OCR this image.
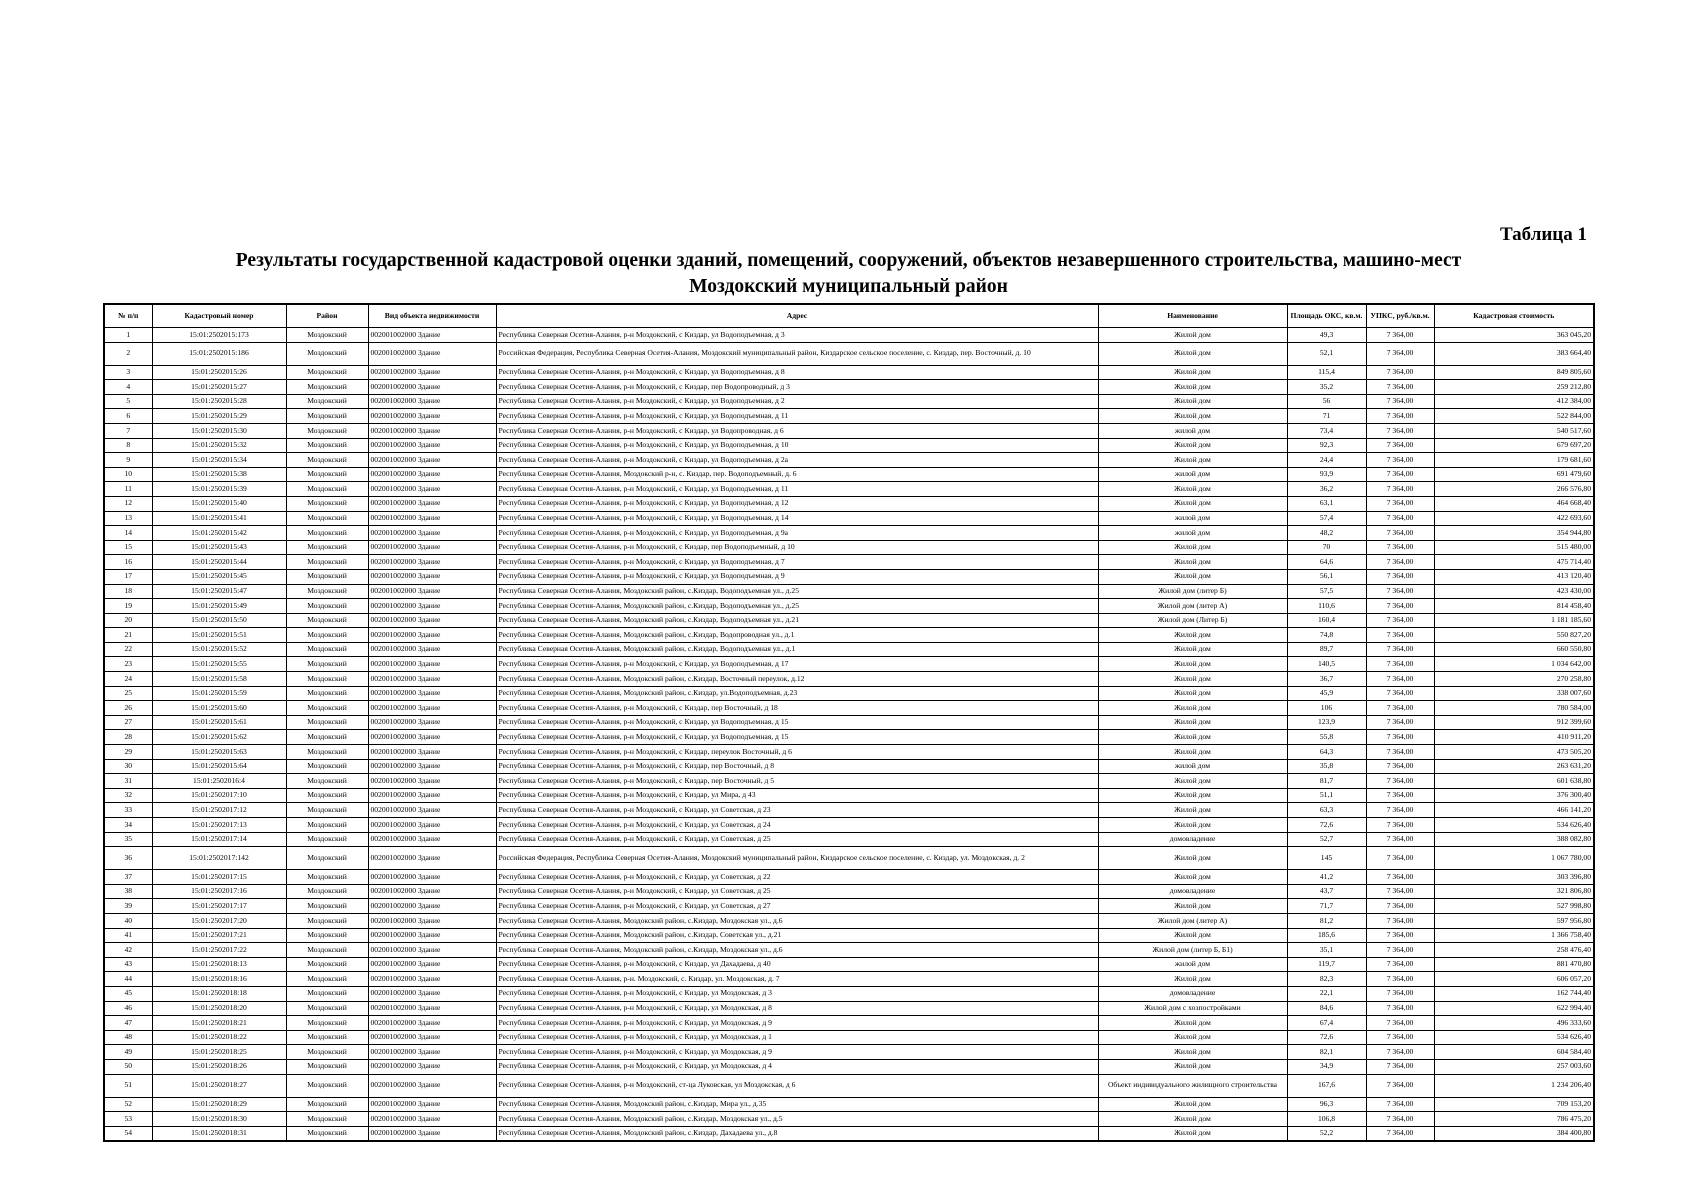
Таблица 1
Результаты государственной кадастровой оценки зданий, помещений, сооружений, объектов незавершенного строительства, машино-мест
Моздокский муниципальный район
№ п/п	Кадастровый номер	Район	Вид объекта недвижимости	Адрес	Наименование	Площадь ОКС, кв.м.	УПКС, руб./кв.м.	Кадастровая стоимость
1	15:01:2502015:173	Моздокский	002001002000 Здание	Республика Северная Осетия-Алания, р-н Моздокский, с Киздар, ул Водоподъемная, д 3	Жилой дом	49,3	7 364,00	363 045,20
2	15:01:2502015:186	Моздокский	002001002000 Здание	Российская Федерация, Республика Северная Осетия-Алания, Моздокский муниципальный район, Киздарское сельское поселение, с. Киздар, пер. Восточный, д. 10	Жилой дом	52,1	7 364,00	383 664,40
3	15:01:2502015:26	Моздокский	002001002000 Здание	Республика Северная Осетия-Алания, р-н Моздокский, с Киздар, ул Водоподъемная, д 8	Жилой дом	115,4	7 364,00	849 805,60
4	15:01:2502015:27	Моздокский	002001002000 Здание	Республика Северная Осетия-Алания, р-н Моздокский, с Киздар, пер Водопроводный, д 3	Жилой дом	35,2	7 364,00	259 212,80
5	15:01:2502015:28	Моздокский	002001002000 Здание	Республика Северная Осетия-Алания, р-н Моздокский, с Киздар, ул Водоподъемная, д 2	Жилой дом	56	7 364,00	412 384,00
6	15:01:2502015:29	Моздокский	002001002000 Здание	Республика Северная Осетия-Алания, р-н Моздокский, с Киздар, ул Водоподъемная, д 11	Жилой дом	71	7 364,00	522 844,00
7	15:01:2502015:30	Моздокский	002001002000 Здание	Республика Северная Осетия-Алания, р-н Моздокский, с Киздар, ул Водопроводная, д 6	жилой дом	73,4	7 364,00	540 517,60
8	15:01:2502015:32	Моздокский	002001002000 Здание	Республика Северная Осетия-Алания, р-н Моздокский, с Киздар, ул Водоподъемная, д 10	Жилой дом	92,3	7 364,00	679 697,20
9	15:01:2502015:34	Моздокский	002001002000 Здание	Республика Северная Осетия-Алания, р-н Моздокский, с Киздар, ул Водоподъемная, д 2а	Жилой дом	24,4	7 364,00	179 681,60
10	15:01:2502015:38	Моздокский	002001002000 Здание	Республика Северная Осетия-Алания, Моздокский р-н, с. Киздар, пер. Водоподъемный, д. 6	жилой дом	93,9	7 364,00	691 479,60
11	15:01:2502015:39	Моздокский	002001002000 Здание	Республика Северная Осетия-Алания, р-н Моздокский, с Киздар, ул Водоподъемная, д 11	Жилой дом	36,2	7 364,00	266 576,80
12	15:01:2502015:40	Моздокский	002001002000 Здание	Республика Северная Осетия-Алания, р-н Моздокский, с Киздар, ул Водоподъемная, д 12	Жилой дом	63,1	7 364,00	464 668,40
13	15:01:2502015:41	Моздокский	002001002000 Здание	Республика Северная Осетия-Алания, р-н Моздокский, с Киздар, ул Водоподъемная, д 14	жилой дом	57,4	7 364,00	422 693,60
14	15:01:2502015:42	Моздокский	002001002000 Здание	Республика Северная Осетия-Алания, р-н Моздокский, с Киздар, ул Водоподъемная, д 9а	жилой дом	48,2	7 364,00	354 944,80
15	15:01:2502015:43	Моздокский	002001002000 Здание	Республика Северная Осетия-Алания, р-н Моздокский, с Киздар, пер Водоподъемный, д 10	Жилой дом	70	7 364,00	515 480,00
16	15:01:2502015:44	Моздокский	002001002000 Здание	Республика Северная Осетия-Алания, р-н Моздокский, с Киздар, ул Водоподъемная, д 7	Жилой дом	64,6	7 364,00	475 714,40
17	15:01:2502015:45	Моздокский	002001002000 Здание	Республика Северная Осетия-Алания, р-н Моздокский, с Киздар, ул Водоподъемная, д 9	Жилой дом	56,1	7 364,00	413 120,40
18	15:01:2502015:47	Моздокский	002001002000 Здание	Республика Северная Осетия-Алания, Моздокский район, с.Киздар, Водоподъемная ул., д.25	Жилой дом (литер Б)	57,5	7 364,00	423 430,00
19	15:01:2502015:49	Моздокский	002001002000 Здание	Республика Северная Осетия-Алания, Моздокский район, с.Киздар, Водоподъемная ул., д.25	Жилой дом (литер А)	110,6	7 364,00	814 458,40
20	15:01:2502015:50	Моздокский	002001002000 Здание	Республика Северная Осетия-Алания, Моздокский район, с.Киздар, Водоподъемная ул., д.21	Жилой дом (Литер Б)	160,4	7 364,00	1 181 185,60
21	15:01:2502015:51	Моздокский	002001002000 Здание	Республика Северная Осетия-Алания, Моздокский район, с.Киздар, Водопроводная ул., д.1	Жилой дом	74,8	7 364,00	550 827,20
22	15:01:2502015:52	Моздокский	002001002000 Здание	Республика Северная Осетия-Алания, Моздокский район, с.Киздар, Водоподъемная ул., д.1	Жилой дом	89,7	7 364,00	660 550,80
23	15:01:2502015:55	Моздокский	002001002000 Здание	Республика Северная Осетия-Алания, р-н Моздокский, с Киздар, ул Водоподъемная, д 17	Жилой дом	140,5	7 364,00	1 034 642,00
24	15:01:2502015:58	Моздокский	002001002000 Здание	Республика Северная Осетия-Алания, Моздокский район, с.Киздар, Восточный переулок, д.12	Жилой дом	36,7	7 364,00	270 258,80
25	15:01:2502015:59	Моздокский	002001002000 Здание	Республика Северная Осетия-Алания, Моздокский район, с.Киздар, ул.Водоподъемная, д.23	Жилой дом	45,9	7 364,00	338 007,60
26	15:01:2502015:60	Моздокский	002001002000 Здание	Республика Северная Осетия-Алания, р-н Моздокский, с Киздар, пер Восточный, д 18	Жилой дом	106	7 364,00	780 584,00
27	15:01:2502015:61	Моздокский	002001002000 Здание	Республика Северная Осетия-Алания, р-н Моздокский, с Киздар, ул Водоподъемная, д 15	Жилой дом	123,9	7 364,00	912 399,60
28	15:01:2502015:62	Моздокский	002001002000 Здание	Республика Северная Осетия-Алания, р-н Моздокский, с Киздар, ул Водоподъемная, д 15	Жилой дом	55,8	7 364,00	410 911,20
29	15:01:2502015:63	Моздокский	002001002000 Здание	Республика Северная Осетия-Алания, р-н Моздокский, с Киздар, переулок Восточный, д 6	Жилой дом	64,3	7 364,00	473 505,20
30	15:01:2502015:64	Моздокский	002001002000 Здание	Республика Северная Осетия-Алания, р-н Моздокский, с Киздар, пер Восточный, д 8	жилой дом	35,8	7 364,00	263 631,20
31	15:01:2502016:4	Моздокский	002001002000 Здание	Республика Северная Осетия-Алания, р-н Моздокский, с Киздар, пер Восточный, д 5	Жилой дом	81,7	7 364,00	601 638,80
32	15:01:2502017:10	Моздокский	002001002000 Здание	Республика Северная Осетия-Алания, р-н Моздокский, с Киздар, ул Мира, д 43	Жилой дом	51,1	7 364,00	376 300,40
33	15:01:2502017:12	Моздокский	002001002000 Здание	Республика Северная Осетия-Алания, р-н Моздокский, с Киздар, ул Советская, д 23	Жилой дом	63,3	7 364,00	466 141,20
34	15:01:2502017:13	Моздокский	002001002000 Здание	Республика Северная Осетия-Алания, р-н Моздокский, с Киздар, ул Советская, д 24	Жилой дом	72,6	7 364,00	534 626,40
35	15:01:2502017:14	Моздокский	002001002000 Здание	Республика Северная Осетия-Алания, р-н Моздокский, с Киздар, ул Советская, д 25	домовладение	52,7	7 364,00	388 082,80
36	15:01:2502017:142	Моздокский	002001002000 Здание	Российская Федерация, Республика Северная Осетия-Алания, Моздокский муниципальный район, Киздарское сельское поселение, с. Киздар, ул. Моздокская, д. 2	Жилой дом	145	7 364,00	1 067 780,00
37	15:01:2502017:15	Моздокский	002001002000 Здание	Республика Северная Осетия-Алания, р-н Моздокский, с Киздар, ул Советская, д 22	Жилой дом	41,2	7 364,00	303 396,80
38	15:01:2502017:16	Моздокский	002001002000 Здание	Республика Северная Осетия-Алания, р-н Моздокский, с Киздар, ул Советская, д 25	домовладение	43,7	7 364,00	321 806,80
39	15:01:2502017:17	Моздокский	002001002000 Здание	Республика Северная Осетия-Алания, р-н Моздокский, с Киздар, ул Советская, д 27	Жилой дом	71,7	7 364,00	527 998,80
40	15:01:2502017:20	Моздокский	002001002000 Здание	Республика Северная Осетия-Алания, Моздокский район, с.Киздар, Моздокская ул., д.6	Жилой дом (литер А)	81,2	7 364,00	597 956,80
41	15:01:2502017:21	Моздокский	002001002000 Здание	Республика Северная Осетия-Алания, Моздокский район, с.Киздар, Советская ул., д.21	Жилой дом	185,6	7 364,00	1 366 758,40
42	15:01:2502017:22	Моздокский	002001002000 Здание	Республика Северная Осетия-Алания, Моздокский район, с.Киздар, Моздокская ул., д.6	Жилой дом (литер Б, Б1)	35,1	7 364,00	258 476,40
43	15:01:2502018:13	Моздокский	002001002000 Здание	Республика Северная Осетия-Алания, р-н Моздокский, с Киздар, ул Дахадаева, д 40	жилой дом	119,7	7 364,00	881 470,80
44	15:01:2502018:16	Моздокский	002001002000 Здание	Республика Северная Осетия-Алания, р-н. Моздокский, с. Киздар, ул. Моздокская, д. 7	Жилой дом	82,3	7 364,00	606 057,20
45	15:01:2502018:18	Моздокский	002001002000 Здание	Республика Северная Осетия-Алания, р-н Моздокский, с Киздар, ул Моздокская, д 3	домовладение	22,1	7 364,00	162 744,40
46	15:01:2502018:20	Моздокский	002001002000 Здание	Республика Северная Осетия-Алания, р-н Моздокский, с Киздар, ул Моздокская, д 8	Жилой дом с хозпостройками	84,6	7 364,00	622 994,40
47	15:01:2502018:21	Моздокский	002001002000 Здание	Республика Северная Осетия-Алания, р-н Моздокский, с Киздар, ул Моздокская, д 9	Жилой дом	67,4	7 364,00	496 333,60
48	15:01:2502018:22	Моздокский	002001002000 Здание	Республика Северная Осетия-Алания, р-н Моздокский, с Киздар, ул Моздокская, д 1	Жилой дом	72,6	7 364,00	534 626,40
49	15:01:2502018:25	Моздокский	002001002000 Здание	Республика Северная Осетия-Алания, р-н Моздокский, с Киздар, ул Моздокская, д 9	Жилой дом	82,1	7 364,00	604 584,40
50	15:01:2502018:26	Моздокский	002001002000 Здание	Республика Северная Осетия-Алания, р-н Моздокский, с Киздар, ул Моздокская, д 4	Жилой дом	34,9	7 364,00	257 003,60
51	15:01:2502018:27	Моздокский	002001002000 Здание	Республика Северная Осетия-Алания, р-н Моздокский, ст-ца Луковская, ул Моздокская, д 6	Объект индивидуального жилищного строительства	167,6	7 364,00	1 234 206,40
52	15:01:2502018:29	Моздокский	002001002000 Здание	Республика Северная Осетия-Алания, Моздокский район, с.Киздар, Мира ул., д.35	Жилой дом	96,3	7 364,00	709 153,20
53	15:01:2502018:30	Моздокский	002001002000 Здание	Республика Северная Осетия-Алания, Моздокский район, с.Киздар, Моздокская ул., д.5	Жилой дом	106,8	7 364,00	786 475,20
54	15:01:2502018:31	Моздокский	002001002000 Здание	Республика Северная Осетия-Алания, Моздокский район, с.Киздар, Дахадаева ул., д.8	Жилой дом	52,2	7 364,00	384 400,80
